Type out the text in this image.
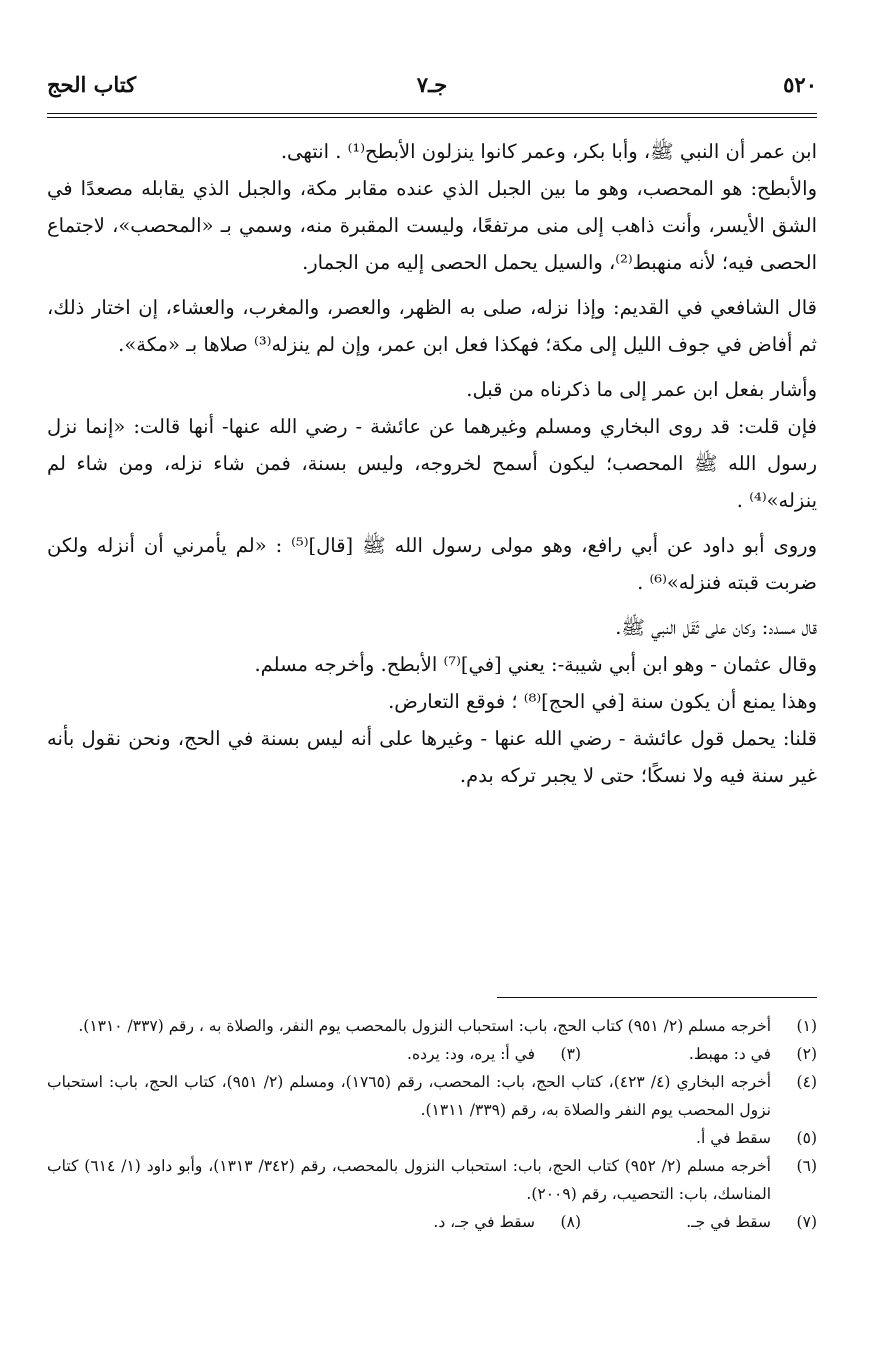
٥٢٠
جـ٧
كتاب الحج

ابن عمر أن النبي ﷺ، وأبا بكر، وعمر كانوا ينزلون الأبطح⁽¹⁾ . انتهى.

والأبطح: هو المحصب، وهو ما بين الجبل الذي عنده مقابر مكة، والجبل الذي يقابله مصعدًا في الشق الأيسر، وأنت ذاهب إلى منى مرتفعًا، وليست المقبرة منه، وسمي بـ «المحصب»، لاجتماع الحصى فيه؛ لأنه منهبط⁽²⁾، والسيل يحمل الحصى إليه من الجمار.

قال الشافعي في القديم: وإذا نزله، صلى به الظهر، والعصر، والمغرب، والعشاء، إن اختار ذلك، ثم أفاض في جوف الليل إلى مكة؛ فهكذا فعل ابن عمر، وإن لم ينزله⁽³⁾ صلاها بـ «مكة».

وأشار بفعل ابن عمر إلى ما ذكرناه من قبل.

فإن قلت: قد روى البخاري ومسلم وغيرهما عن عائشة - رضي الله عنها- أنها قالت: «إنما نزل رسول الله ﷺ المحصب؛ ليكون أسمح لخروجه، وليس بسنة، فمن شاء نزله، ومن شاء لم ينزله»⁽⁴⁾ .

وروى أبو داود عن أبي رافع، وهو مولى رسول الله ﷺ [قال]⁽⁵⁾ : «لم يأمرني أن أنزله ولكن ضربت قبته فنزله»⁽⁶⁾ .

قال مسدد: وكان على ثَقَل النبي ﷺ.

وقال عثمان - وهو ابن أبي شيبة-: يعني [في]⁽⁷⁾ الأبطح. وأخرجه مسلم.

وهذا يمنع أن يكون سنة [في الحج]⁽⁸⁾ ؛ فوقع التعارض.

قلنا: يحمل قول عائشة - رضي الله عنها - وغيرها على أنه ليس بسنة في الحج، ونحن نقول بأنه غير سنة فيه ولا نسكًا؛ حتى لا يجبر تركه بدم.

(١)
أخرجه مسلم (٢/ ٩٥١) كتاب الحج، باب: استحباب النزول بالمحصب يوم النفر، والصلاة به ، رقم (٣٣٧/ ١٣١٠).
(٢)
في د: مهبط.
(٣)
في أ: يره، ود: يرده.
(٤)
أخرجه البخاري (٤/ ٤٢٣)، كتاب الحج، باب: المحصب، رقم (١٧٦٥)، ومسلم (٢/ ٩٥١)، كتاب الحج، باب: استحباب نزول المحصب يوم النفر والصلاة به، رقم (٣٣٩/ ١٣١١).
(٥)
سقط في أ.
(٦)
أخرجه مسلم (٢/ ٩٥٢) كتاب الحج، باب: استحباب النزول بالمحصب، رقم (٣٤٢/ ١٣١٣)، وأبو داود (١/ ٦١٤) كتاب المناسك، باب: التحصيب، رقم (٢٠٠٩).
(٧)
سقط في جـ.
(٨)
سقط في جـ، د.
